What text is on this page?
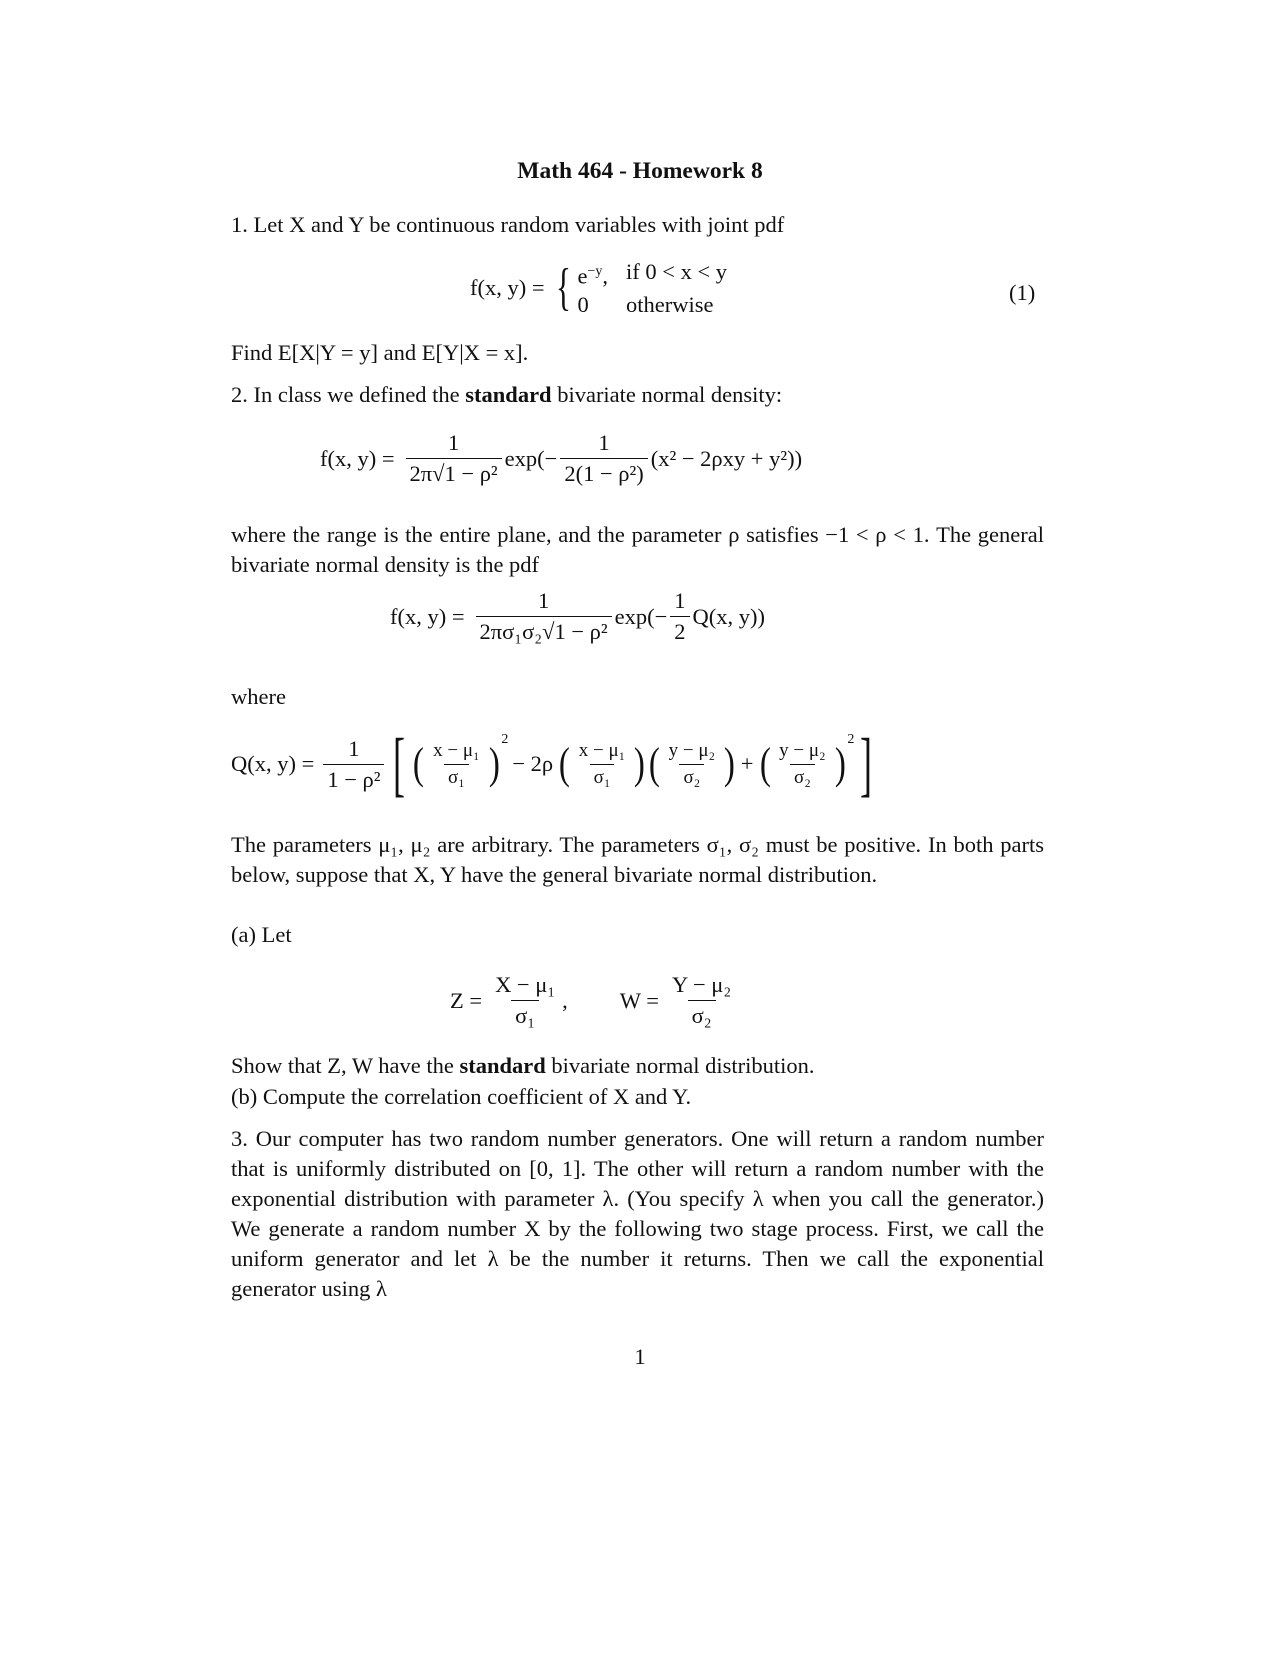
Math 464 - Homework 8
1. Let X and Y be continuous random variables with joint pdf
f(x, y) = { $e^{-y}$, if 0 < x < y
0	otherwise	(1)
Find E[X|Y = y] and E[Y|X = x].
2. In class we defined the standard bivariate normal density:
f(x, $y) = \frac{1}{\text{2π√1 − ρ²}} \exp(- \frac{1}{\text{2(1 − ρ²)}} (x^2 - 2\rho xy + y^2))$
where the range is the entire plane, and the parameter ρ satisfies −1 < ρ < 1. The general bivariate normal density is the pdf
f(x, $y) = \frac{1}{\text{2πσ₁σ₂√1 − ρ²}} \exp(- \frac{1}{2} Q(x$, y))
where
Q(x, $y) = \frac{1}{\text{1 − ρ²}}$ [ ( $\frac{\text{x − μ₁}}{\text{σ₁}} )^2$
− 2ρ ( $\frac{\text{x − μ₁}}{\text{σ₁}}$ ) ( $\frac{\text{y − μ₂}}{\text{σ₂}}$ ) + ( $\frac{\text{y − μ₂}}{\text{σ₂}} )^2$ ]
The parameters μ₁, μ₂ are arbitrary. The parameters σ₁, σ₂ must be positive. In both parts below, suppose that X, Y have the general bivariate normal distribution.
(a) Let
$Z = \frac{\text{X − μ₁}}{\text{σ₁}}$ , $W = \frac{\text{Y − μ₂}}{\text{σ₂}}$
Show that Z, W have the standard bivariate normal distribution.
(b) Compute the correlation coefficient of X and Y.
3. Our computer has two random number generators. One will return a random number that is uniformly distributed on [0, 1]. The other will return a random number with the exponential distribution with parameter λ. (You specify λ when you call the generator.) We generate a random number X by the following two stage process. First, we call the uniform generator and let λ be the number it returns. Then we call the exponential generator using λ
1
